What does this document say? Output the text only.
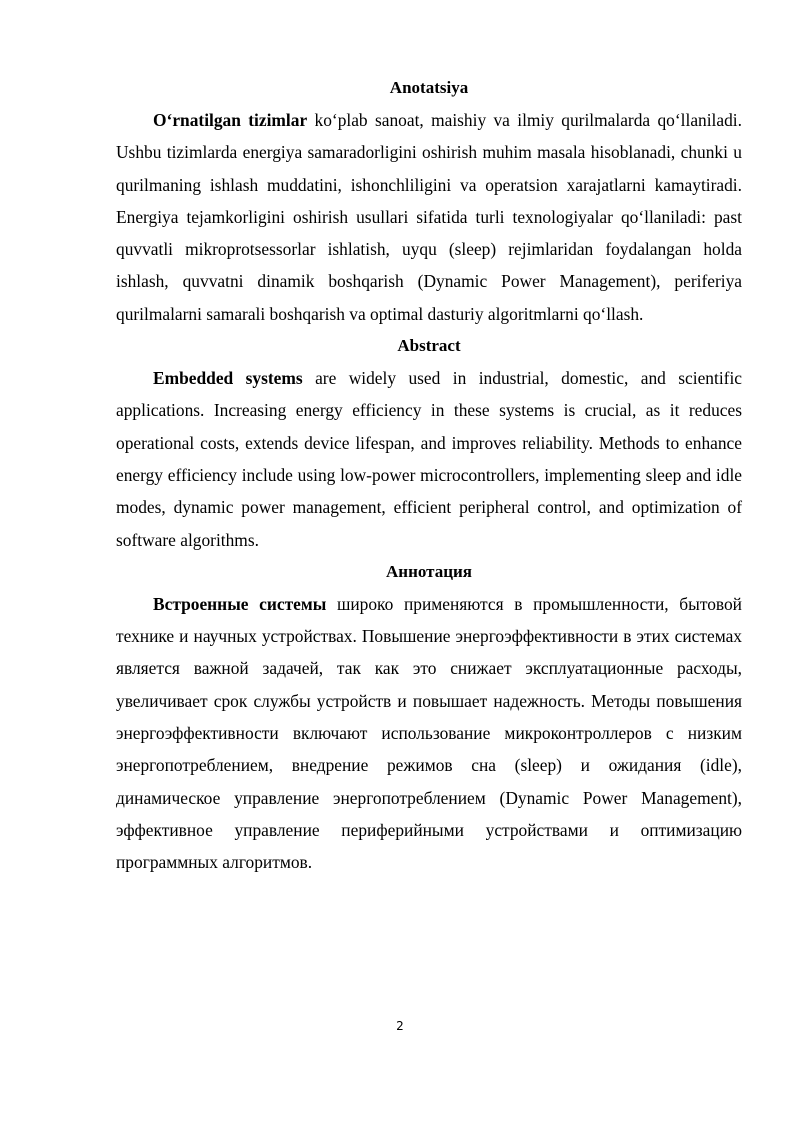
Anotatsiya

O‘rnatilgan tizimlar ko‘plab sanoat, maishiy va ilmiy qurilmalarda qo‘llaniladi. Ushbu tizimlarda energiya samaradorligini oshirish muhim masala hisoblanadi, chunki u qurilmaning ishlash muddatini, ishonchliligini va operatsion xarajatlarni kamaytiradi. Energiya tejamkorligini oshirish usullari sifatida turli texnologiyalar qo‘llaniladi: past quvvatli mikroprotsessorlar ishlatish, uyqu (sleep) rejimlaridan foydalangan holda ishlash, quvvatni dinamik boshqarish (Dynamic Power Management), periferiya qurilmalarni samarali boshqarish va optimal dasturiy algoritmlarni qo‘llash.

Abstract

Embedded systems are widely used in industrial, domestic, and scientific applications. Increasing energy efficiency in these systems is crucial, as it reduces operational costs, extends device lifespan, and improves reliability. Methods to enhance energy efficiency include using low-power microcontrollers, implementing sleep and idle modes, dynamic power management, efficient peripheral control, and optimization of software algorithms.

Аннотация

Встроенные системы широко применяются в промышленности, бытовой технике и научных устройствах. Повышение энергоэффективности в этих системах является важной задачей, так как это снижает эксплуатационные расходы, увеличивает срок службы устройств и повышает надежность. Методы повышения энергоэффективности включают использование микроконтроллеров с низким энергопотреблением, внедрение режимов сна (sleep) и ожидания (idle), динамическое управление энергопотреблением (Dynamic Power Management), эффективное управление периферийными устройствами и оптимизацию программных алгоритмов.

2
